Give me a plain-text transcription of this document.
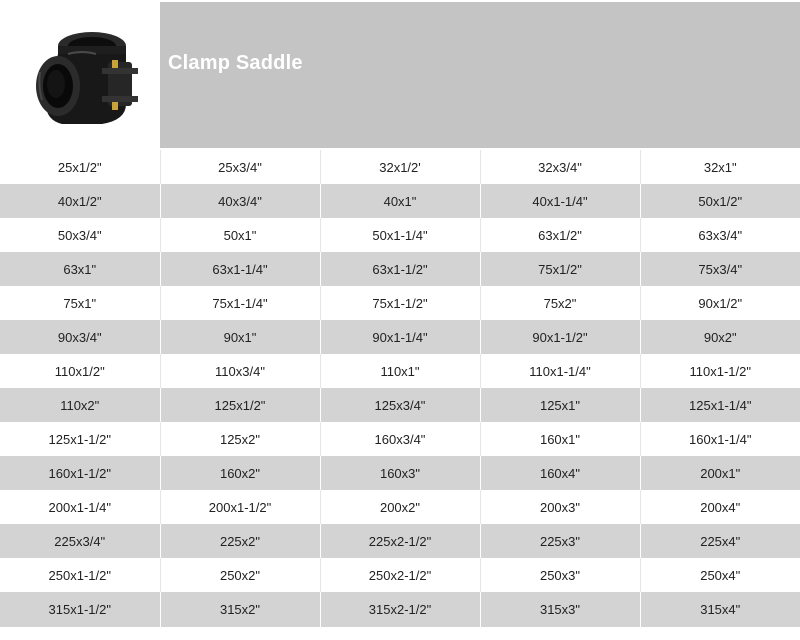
Clamp Saddle
25x1/2"	25x3/4"	32x1/2'	32x3/4"	32x1"
40x1/2"	40x3/4"	40x1"	40x1-1/4"	50x1/2"
50x3/4"	50x1"	50x1-1/4"	63x1/2"	63x3/4"
63x1"	63x1-1/4"	63x1-1/2"	75x1/2"	75x3/4"
75x1"	75x1-1/4"	75x1-1/2"	75x2"	90x1/2"
90x3/4"	90x1"	90x1-1/4"	90x1-1/2"	90x2"
110x1/2"	110x3/4"	110x1"	110x1-1/4"	110x1-1/2"
110x2"	125x1/2"	125x3/4"	125x1"	125x1-1/4"
125x1-1/2"	125x2"	160x3/4"	160x1"	160x1-1/4"
160x1-1/2"	160x2"	160x3"	160x4"	200x1"
200x1-1/4"	200x1-1/2"	200x2"	200x3"	200x4"
225x3/4"	225x2"	225x2-1/2"	225x3"	225x4"
250x1-1/2"	250x2"	250x2-1/2"	250x3"	250x4"
315x1-1/2"	315x2"	315x2-1/2"	315x3"	315x4"
